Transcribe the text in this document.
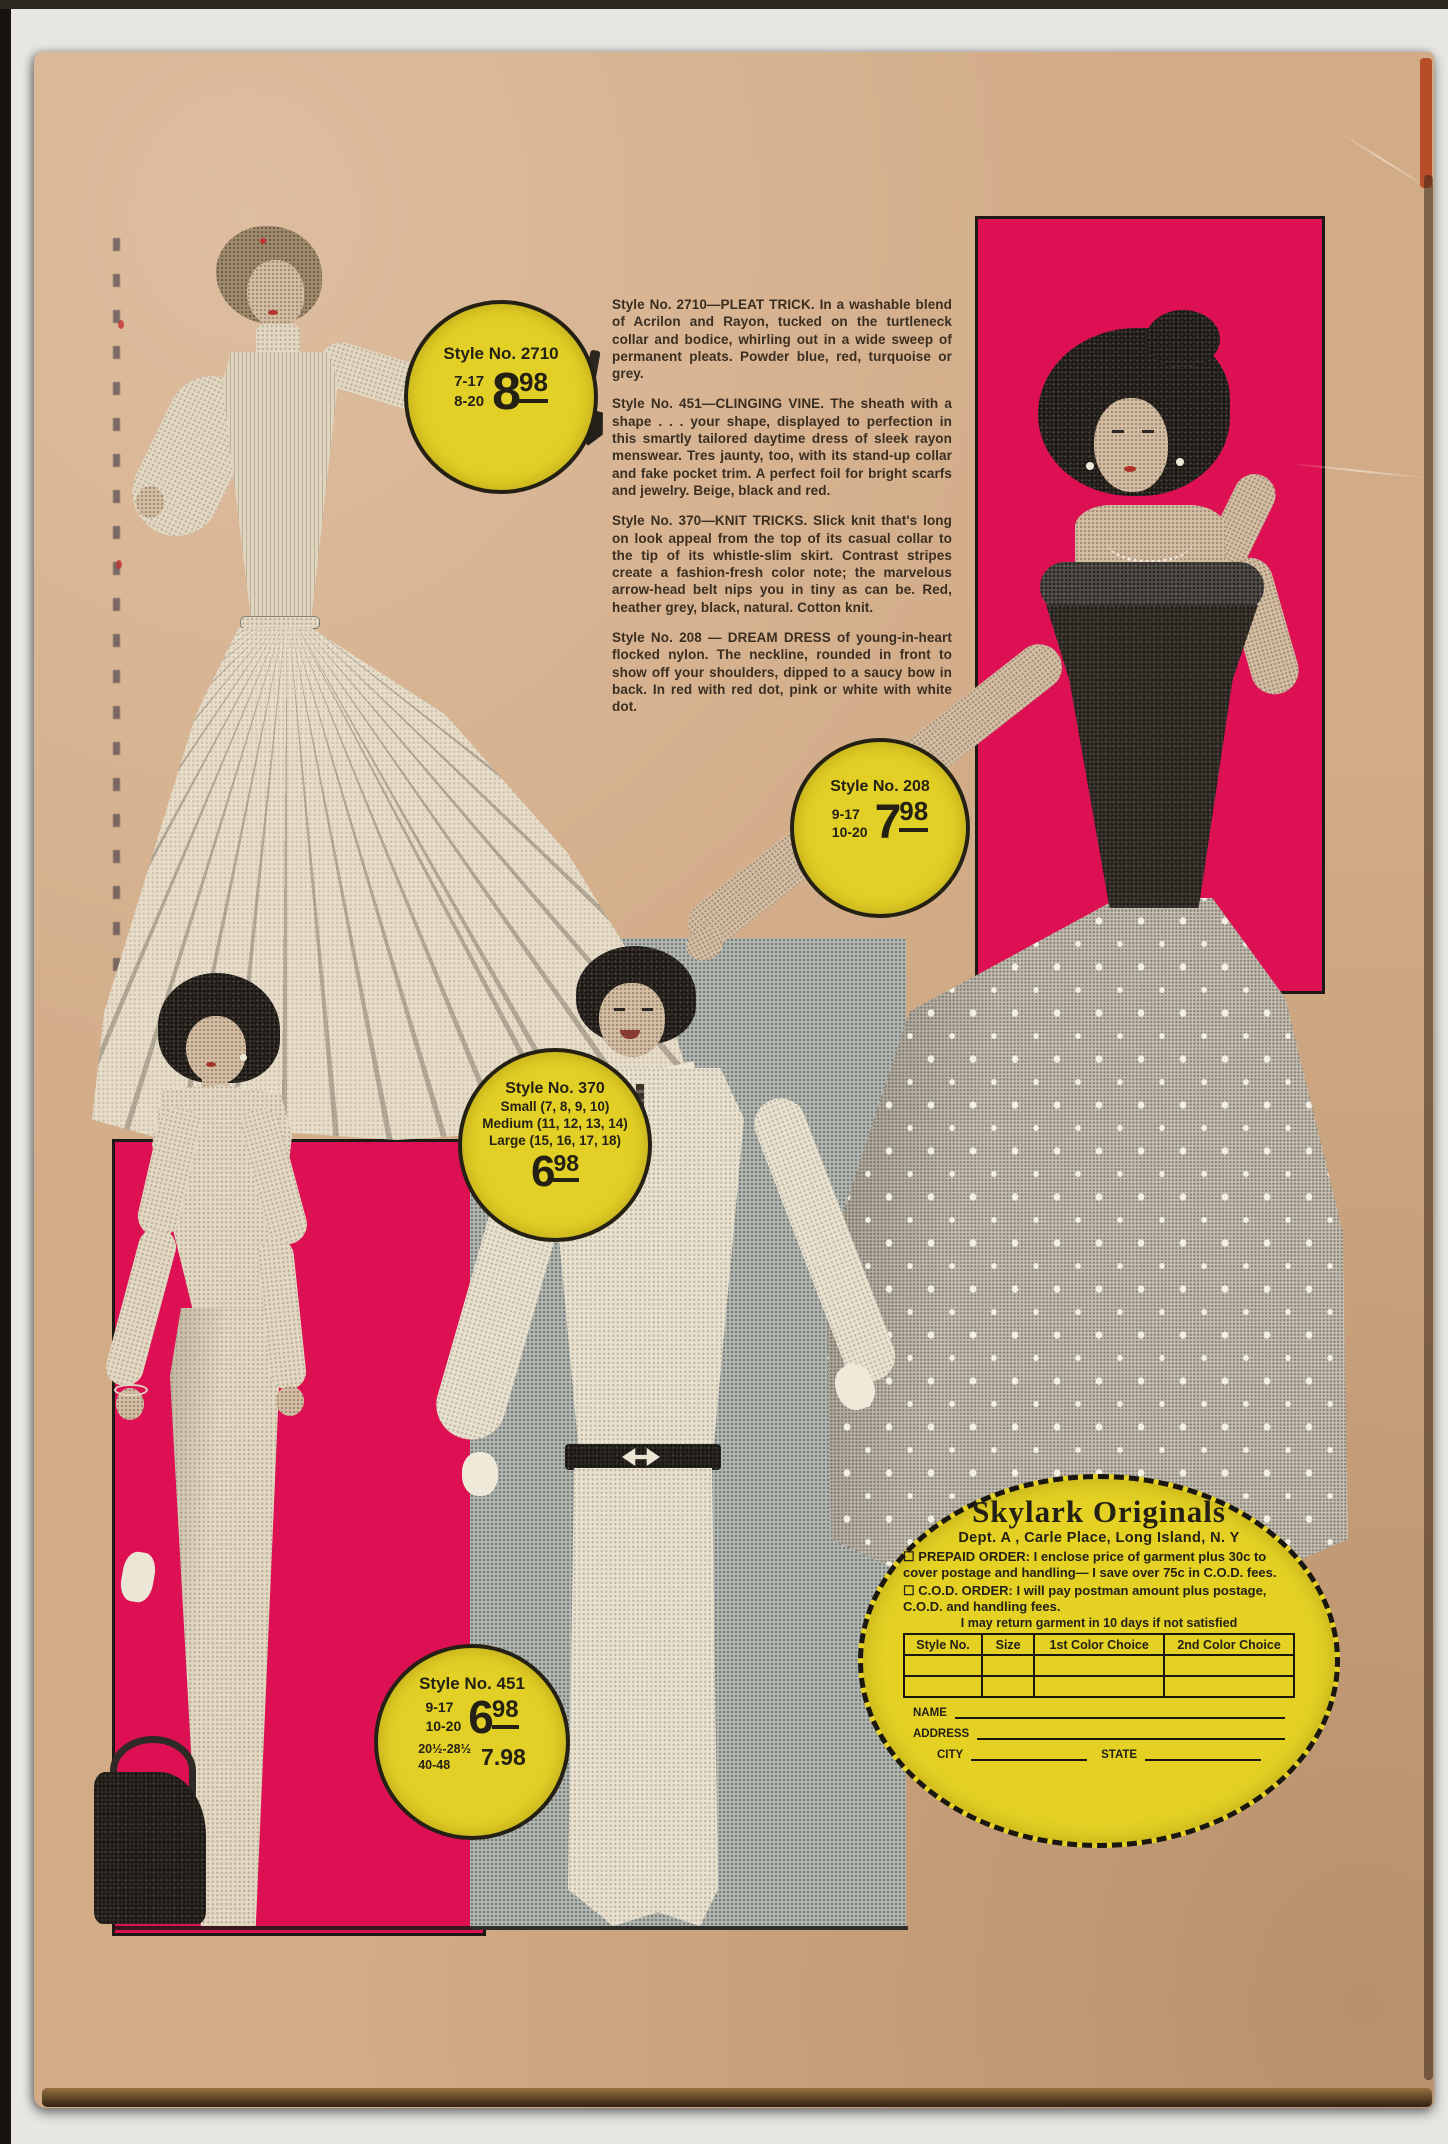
Style No. 2710—PLEAT TRICK. In a washable blend of Acrilon and Rayon, tucked on the turtleneck collar and bodice, whirling out in a wide sweep of permanent pleats. Powder blue, red, turquoise or grey.

Style No. 451—CLINGING VINE. The sheath with a shape . . . your shape, displayed to perfection in this smartly tailored daytime dress of sleek rayon menswear. Tres jaunty, too, with its stand-up collar and fake pocket trim. A perfect foil for bright scarfs and jewelry. Beige, black and red.

Style No. 370—KNIT TRICKS. Slick knit that's long on look appeal from the top of its casual collar to the tip of its whistle-slim skirt. Contrast stripes create a fashion-fresh color note; the marvelous arrow-head belt nips you in tiny as can be. Red, heather grey, black, natural. Cotton knit.

Style No. 208 — DREAM DRESS of young-in-heart flocked nylon. The neckline, rounded in front to show off your shoulders, dipped to a saucy bow in back. In red with red dot, pink or white with white dot.

Style No. 2710
7-17
8-20 898
Style No. 208
9-17
10-20 798
Style No. 370
Small (7, 8, 9, 10)
Medium (11, 12, 13, 14)
Large (15, 16, 17, 18)
698
Style No. 451
9-17
10-20 698
20½-28½
40-48	7.98
Skylark Originals
Dept. A , Carle Place, Long Island, N. Y
☐ PREPAID ORDER: I enclose price of garment plus 30c to cover postage and handling— I save over 75c in C.O.D. fees.
☐ C.O.D. ORDER: I will pay postman amount plus postage, C.O.D. and handling fees.
I may return garment in 10 days if not satisfied
Style No.	Size	1st Color Choice	2nd Color Choice

NAME
ADDRESS
CITY	STATE
